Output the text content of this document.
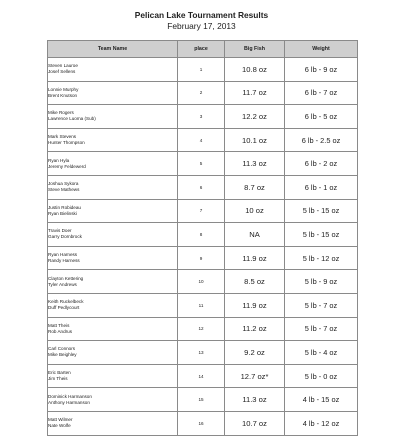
Pelican Lake Tournament Results
February 17, 2013
Team Name	place	Big Fish	Weight

Steven Lauroe
Josef Sellens	1	10.8 oz	6 lb - 9 oz

Lonnie Murphy
Brent Knutson	2	11.7 oz	6 lb - 7 oz

Mike Rogers
Lawrence Luoma (Sub)	3	12.2 oz	6 lb - 5 oz

Mark Stevens
Hunter Thompson	4	10.1 oz	6 lb - 2.5 oz

Ryan Hyla
Jeremy Feldewerd	5	11.3 oz	6 lb - 2 oz

Joshua Sykora
Steve Mathews	6	8.7 oz	6 lb - 1 oz

Justin Robideau
Ryan Bielinski	7	10 oz	5 lb - 15 oz

Travis Doer
Garry Dornbrock	8	NA	5 lb - 15 oz

Ryan Harness
Randy Harness	9	11.9 oz	5 lb - 12 oz

Clayton Kettering
Tyler Andrews	10	8.5 oz	5 lb - 9 oz

Keith Ruckelbeck
Duff Pedlycourt	11	11.9 oz	5 lb - 7 oz

Matt Theis
Rob Andrus	12	11.2 oz	5 lb - 7 oz

Carl Connors
Mike Beighley	13	9.2 oz	5 lb - 4 oz

Eric Barten
Jim Theis	14	12.7 oz*	5 lb - 0 oz

Dominick Harmanson
Anthony Harmanson	15	11.3 oz	4 lb - 15 oz

Matt Wilmer
Nate Wolfe	16	10.7 oz	4 lb - 12 oz
